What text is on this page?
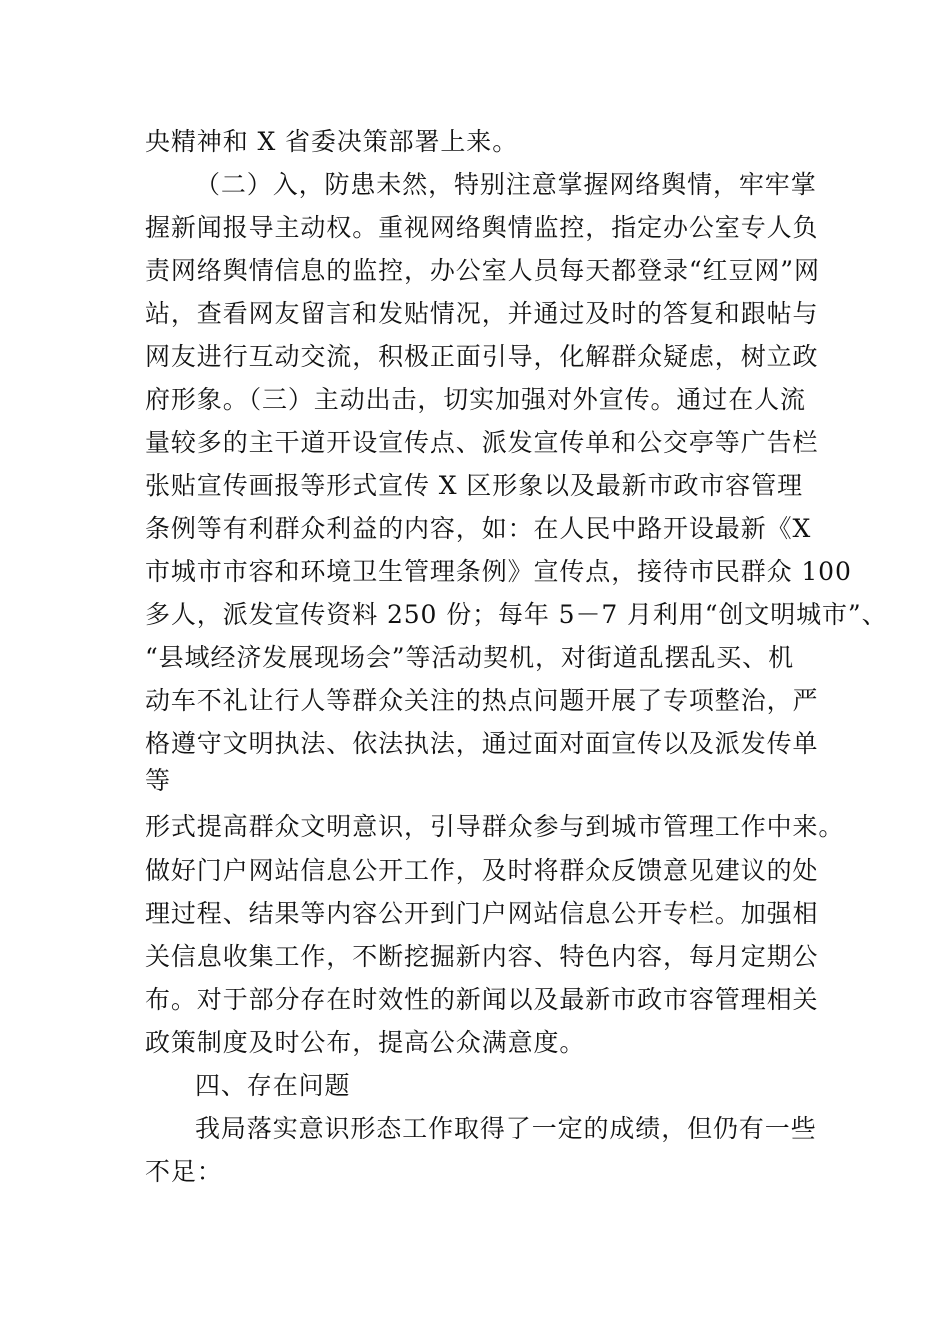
央精神和 X 省委决策部署上来。

（二）入，防患未然，特别注意掌握网络舆情，牢牢掌

握新闻报导主动权。重视网络舆情监控，指定办公室专人负

责网络舆情信息的监控，办公室人员每天都登录“红豆网”网

站，查看网友留言和发贴情况，并通过及时的答复和跟帖与

网友进行互动交流，积极正面引导，化解群众疑虑，树立政

府形象。（三）主动出击，切实加强对外宣传。通过在人流

量较多的主干道开设宣传点、派发宣传单和公交亭等广告栏

张贴宣传画报等形式宣传 X 区形象以及最新市政市容管理

条例等有利群众利益的内容，如：在人民中路开设最新《X

市城市市容和环境卫生管理条例》宣传点，接待市民群众 100

多人，派发宣传资料 250 份；每年 5－7 月利用“创文明城市”、

“县域经济发展现场会”等活动契机，对街道乱摆乱买、机

动车不礼让行人等群众关注的热点问题开展了专项整治，严

格遵守文明执法、依法执法，通过面对面宣传以及派发传单

等

形式提高群众文明意识，引导群众参与到城市管理工作中来。

做好门户网站信息公开工作，及时将群众反馈意见建议的处

理过程、结果等内容公开到门户网站信息公开专栏。加强相

关信息收集工作，不断挖掘新内容、特色内容，每月定期公

布。对于部分存在时效性的新闻以及最新市政市容管理相关

政策制度及时公布，提高公众满意度。

四、存在问题

我局落实意识形态工作取得了一定的成绩，但仍有一些

不足：
